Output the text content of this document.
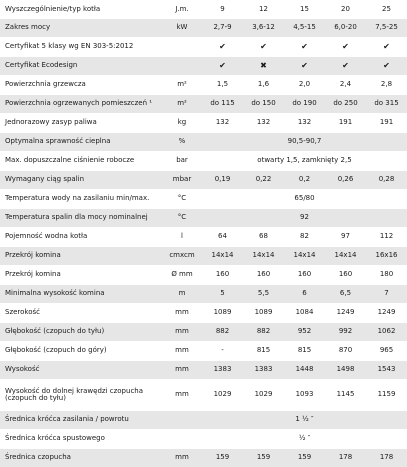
Wyszczególnienie/typ kotła	J.m.	9	12	15	20	25
Zakres mocy	kW	2,7-9	3,6-12	4,5-15	6,0-20	7,5-25
Certyfikat 5 klasy wg EN 303-5:2012		✔	✔	✔	✔	✔
Certyfikat Ecodesign		✔	✖	✔	✔	✔
Powierzchnia grzewcza	m²	1,5	1,6	2,0	2,4	2,8
Powierzchnia ogrzewanych pomieszczeń ¹	m²	do 115	do 150	do 190	do 250	do 315
Jednorazowy zasyp paliwa	kg	132	132	132	191	191
Optymalna sprawność cieplna	%	90,5-90,7				
Max. dopuszczalne ciśnienie robocze	bar	otwarty 1,5, zamknięty 2,5				
Wymagany ciąg spalin	mbar	0,19	0,22	0,2	0,26	0,28
Temperatura wody na zasilaniu min/max.	°C	65/80				
Temperatura spalin dla mocy nominalnej	°C	92				
Pojemność wodna kotła	l	64	68	82	97	112
Przekrój komina	cmxcm	14x14	14x14	14x14	14x14	16x16
Przekrój komina	Ø mm	160	160	160	160	180
Minimalna wysokość komina	m	5	5,5	6	6,5	7
Szerokość	mm	1089	1089	1084	1249	1249
Głębokość (czopuch do tyłu)	mm	882	882	952	992	1062
Głębokość (czopuch do góry)	mm	-	815	815	870	965
Wysokość	mm	1383	1383	1448	1498	1543
Wysokość do dolnej krawędzi czopucha (czopuch do tyłu)	mm	1029	1029	1093	1145	1159
Średnica króćca zasilania / powrotu		1 ½ ″				
Średnica króćca spustowego		½ ″				
Średnica czopucha	mm	159	159	159	178	178
